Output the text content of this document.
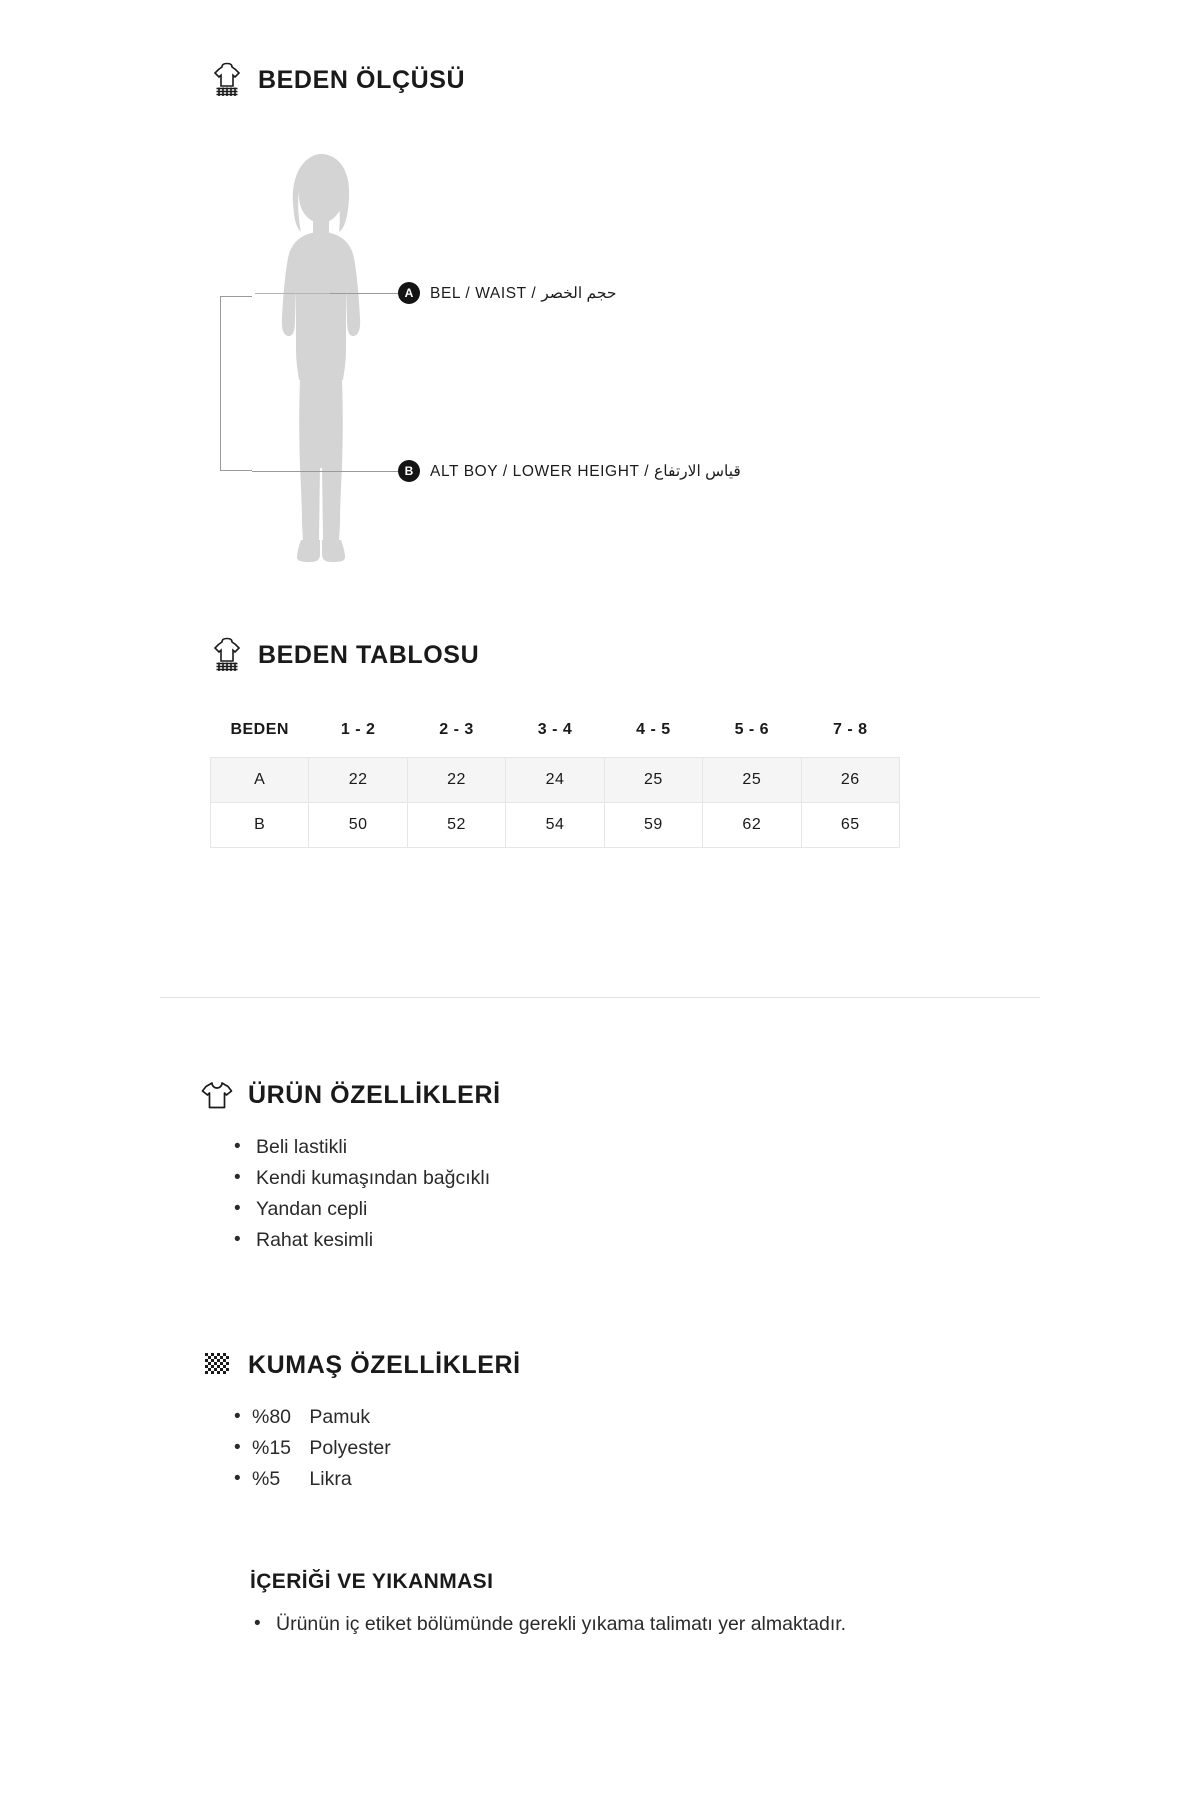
BEDEN ÖLÇÜSÜ
A	BEL / WAIST / حجم الخصر
B	ALT BOY / LOWER HEIGHT / قياس الارتفاع
BEDEN TABLOSU
BEDEN	1 - 2	2 - 3	3 - 4	4 - 5	5 - 6	7 - 8
A	22	22	24	25	25	26
B	50	52	54	59	62	65
ÜRÜN ÖZELLİKLERİ
• Beli lastikli
• Kendi kumaşından bağcıklı
• Yandan cepli
• Rahat kesimli
KUMAŞ ÖZELLİKLERİ
• %80 Pamuk
• %15 Polyester
• %5 Likra
İÇERİĞİ VE YIKANMASI
• Ürünün iç etiket bölümünde gerekli yıkama talimatı yer almaktadır.
